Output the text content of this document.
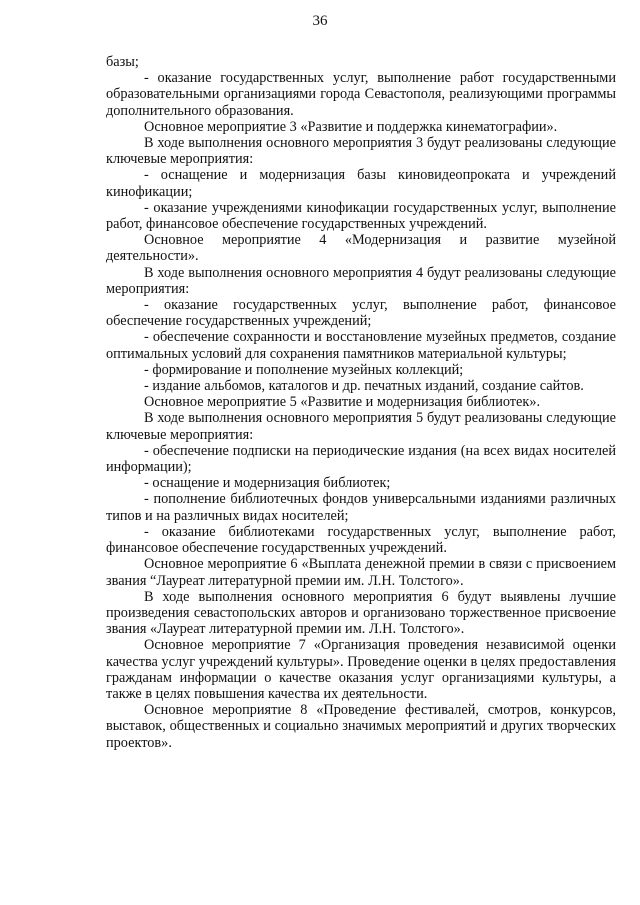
36

базы;

- оказание государственных услуг, выполнение работ государственными образовательными организациями города Севастополя, реализующими программы дополнительного образования.

Основное мероприятие 3 «Развитие и поддержка кинематографии».

В ходе выполнения основного мероприятия 3 будут реализованы следующие ключевые мероприятия:

- оснащение и модернизация базы киновидеопроката и учреждений кинофикации;

- оказание учреждениями кинофикации государственных услуг, выполнение работ, финансовое обеспечение государственных учреждений.

Основное мероприятие 4 «Модернизация и развитие музейной деятельности».

В ходе выполнения основного мероприятия 4 будут реализованы следующие мероприятия:

- оказание государственных услуг, выполнение работ, финансовое обеспечение государственных учреждений;

- обеспечение сохранности и восстановление музейных предметов, создание оптимальных условий для сохранения памятников материальной культуры;

- формирование и пополнение музейных коллекций;

- издание альбомов, каталогов и др. печатных изданий, создание сайтов.

Основное мероприятие 5 «Развитие и модернизация библиотек».

В ходе выполнения основного мероприятия 5 будут реализованы следующие ключевые мероприятия:

- обеспечение подписки на периодические издания (на всех видах носителей информации);

- оснащение и модернизация библиотек;

- пополнение библиотечных фондов универсальными изданиями различных типов и на различных видах носителей;

- оказание библиотеками государственных услуг, выполнение работ, финансовое обеспечение государственных учреждений.

Основное мероприятие 6 «Выплата денежной премии в связи с присвоением звания “Лауреат литературной премии им. Л.Н. Толстого».

В ходе выполнения основного мероприятия 6 будут выявлены лучшие произведения севастопольских авторов и организовано торжественное присвоение звания «Лауреат литературной премии им. Л.Н. Толстого».

Основное мероприятие 7 «Организация проведения независимой оценки качества услуг учреждений культуры». Проведение оценки в целях предоставления гражданам информации о качестве оказания услуг организациями культуры, а также в целях повышения качества их деятельности.

Основное мероприятие 8 «Проведение фестивалей, смотров, конкурсов, выставок, общественных и социально значимых мероприятий и других творческих проектов».
